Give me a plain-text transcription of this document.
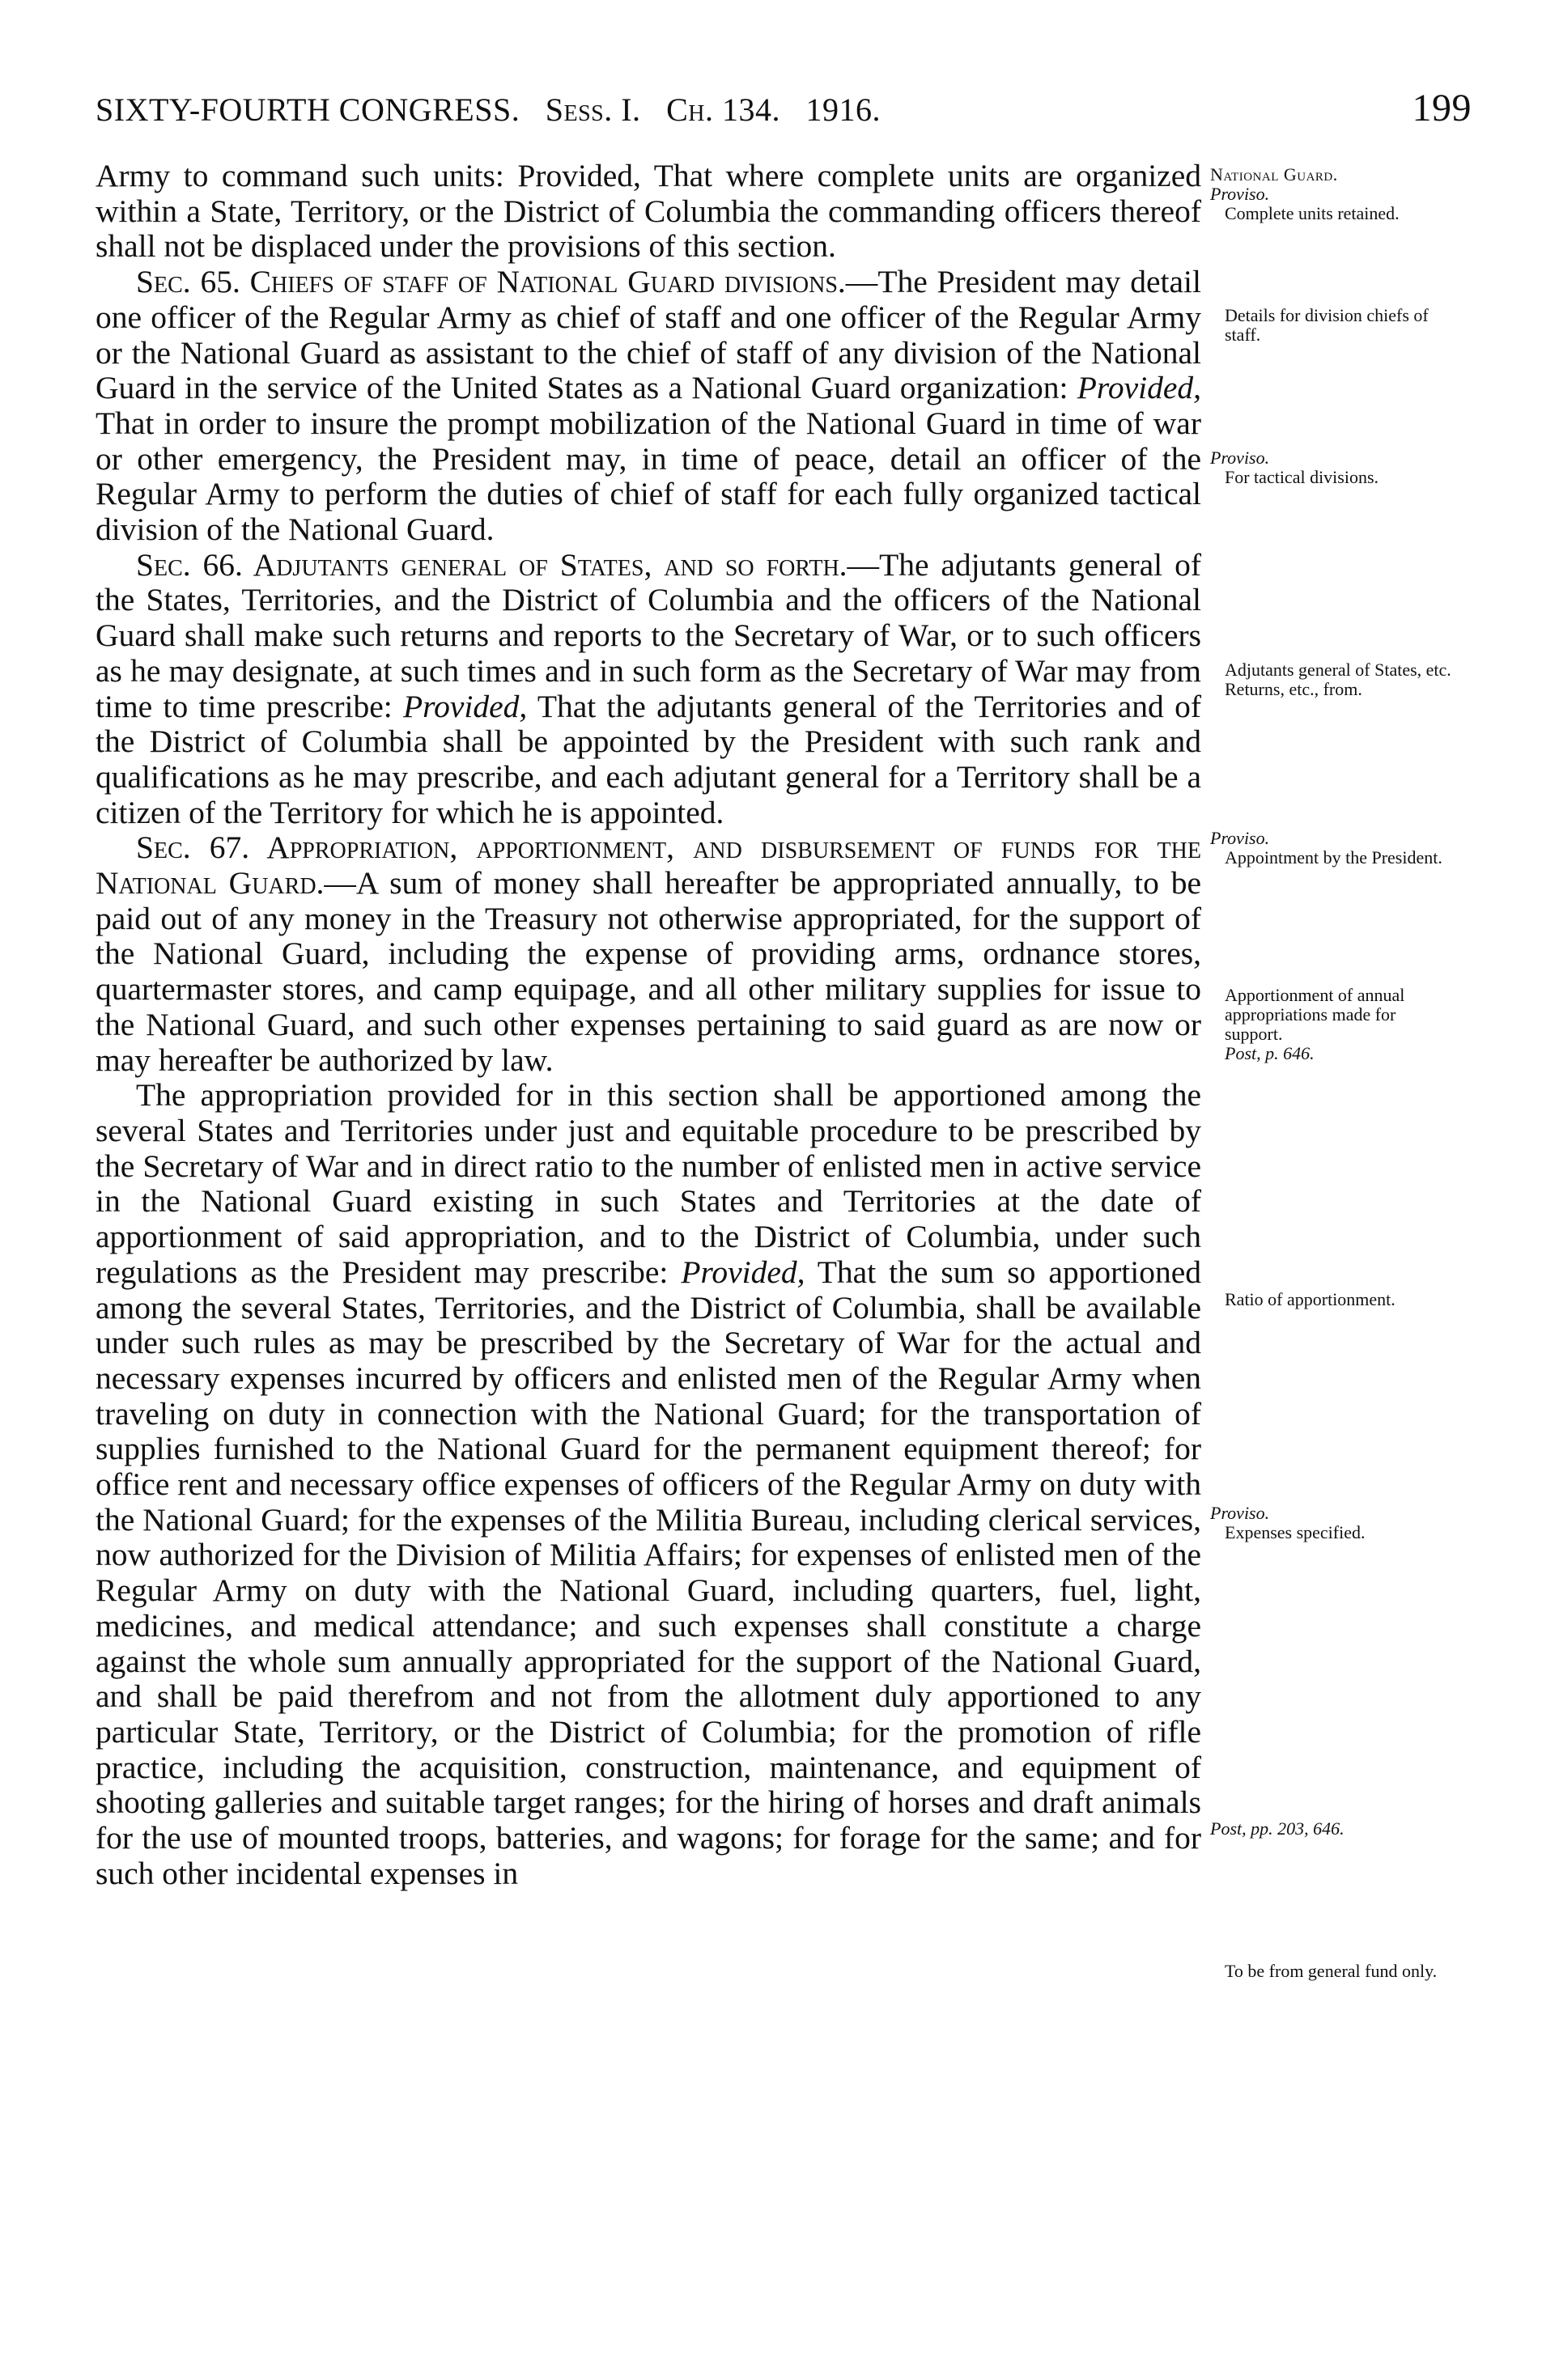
SIXTY-FOURTH CONGRESS. Sess. I. Ch. 134. 1916.	199

Army to command such units: Provided, That where complete units are organized within a State, Territory, or the District of Columbia the commanding officers thereof shall not be displaced under the provisions of this section.

Sec. 65. Chiefs of staff of National Guard divisions.—The President may detail one officer of the Regular Army as chief of staff and one officer of the Regular Army or the National Guard as assistant to the chief of staff of any division of the National Guard in the service of the United States as a National Guard organization: Provided, That in order to insure the prompt mobilization of the National Guard in time of war or other emergency, the President may, in time of peace, detail an officer of the Regular Army to perform the duties of chief of staff for each fully organized tactical division of the National Guard.

Sec. 66. Adjutants general of States, and so forth.—The adjutants general of the States, Territories, and the District of Columbia and the officers of the National Guard shall make such returns and reports to the Secretary of War, or to such officers as he may designate, at such times and in such form as the Secretary of War may from time to time prescribe: Provided, That the adjutants general of the Territories and of the District of Columbia shall be appointed by the President with such rank and qualifications as he may prescribe, and each adjutant general for a Territory shall be a citizen of the Territory for which he is appointed.

Sec. 67. Appropriation, apportionment, and disbursement of funds for the National Guard.—A sum of money shall hereafter be appropriated annually, to be paid out of any money in the Treasury not otherwise appropriated, for the support of the National Guard, including the expense of providing arms, ordnance stores, quartermaster stores, and camp equipage, and all other military supplies for issue to the National Guard, and such other expenses pertaining to said guard as are now or may hereafter be authorized by law.

The appropriation provided for in this section shall be apportioned among the several States and Territories under just and equitable procedure to be prescribed by the Secretary of War and in direct ratio to the number of enlisted men in active service in the National Guard existing in such States and Territories at the date of apportionment of said appropriation, and to the District of Columbia, under such regulations as the President may prescribe: Provided, That the sum so apportioned among the several States, Territories, and the District of Columbia, shall be available under such rules as may be prescribed by the Secretary of War for the actual and necessary expenses incurred by officers and enlisted men of the Regular Army when traveling on duty in connection with the National Guard; for the transportation of supplies furnished to the National Guard for the permanent equipment thereof; for office rent and necessary office expenses of officers of the Regular Army on duty with the National Guard; for the expenses of the Militia Bureau, including clerical services, now authorized for the Division of Militia Affairs; for expenses of enlisted men of the Regular Army on duty with the National Guard, including quarters, fuel, light, medicines, and medical attendance; and such expenses shall constitute a charge against the whole sum annually appropriated for the support of the National Guard, and shall be paid therefrom and not from the allotment duly apportioned to any particular State, Territory, or the District of Columbia; for the promotion of rifle practice, including the acquisition, construction, maintenance, and equipment of shooting galleries and suitable target ranges; for the hiring of horses and draft animals for the use of mounted troops, batteries, and wagons; for forage for the same; and for such other incidental expenses in

National Guard.
Proviso.
Complete units retained.
Details for division chiefs of staff.
Proviso.
For tactical divisions.
Adjutants general of States, etc.
Returns, etc., from.
Proviso.
Appointment by the President.
Apportionment of annual appropriations made for support.
Post, p. 646.
Ratio of apportionment.
Proviso.
Expenses specified.
Post, pp. 203, 646.
To be from general fund only.
